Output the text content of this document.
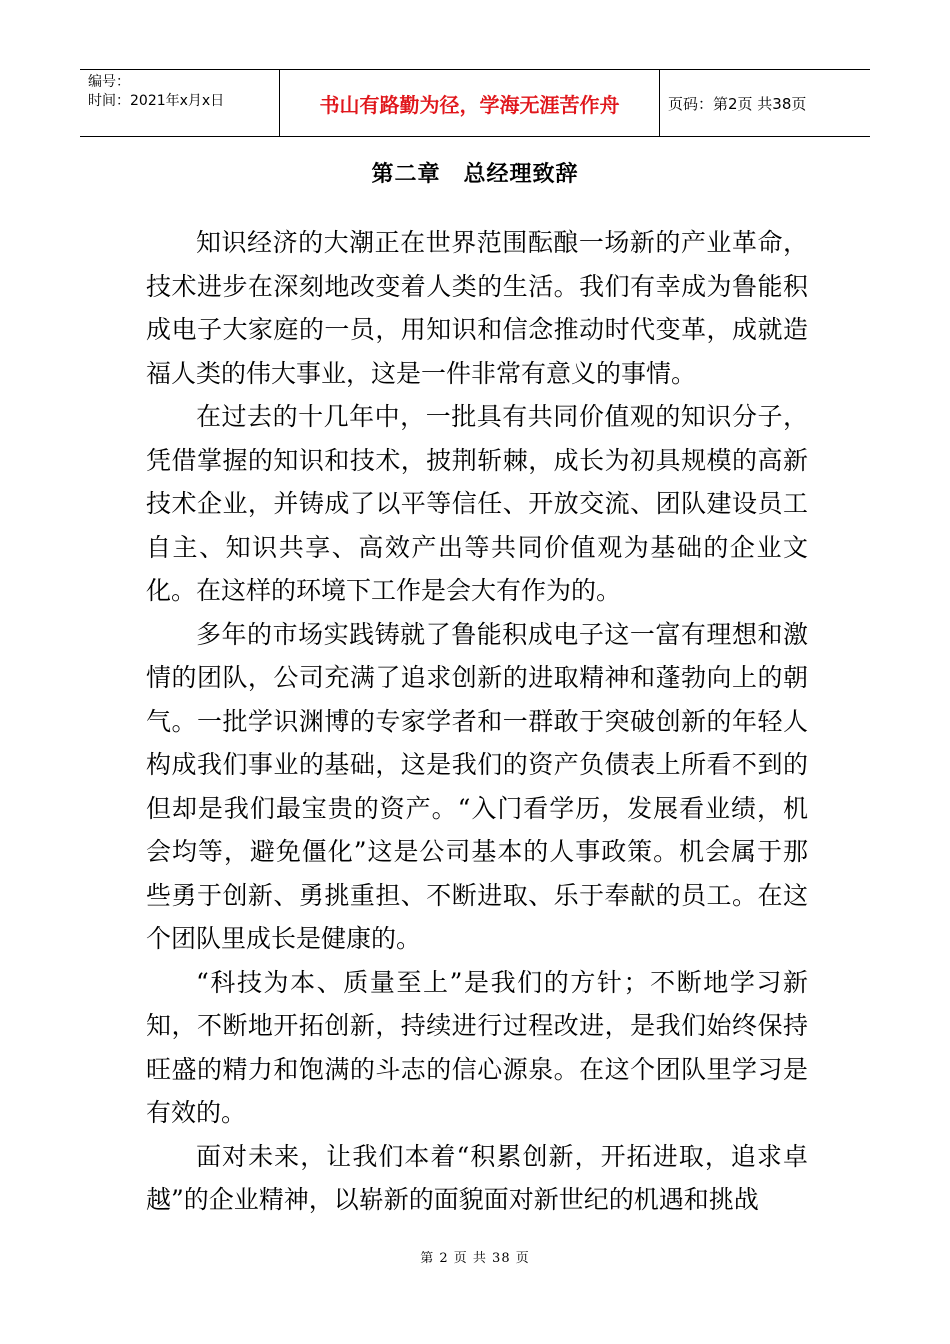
编号：
时间：2021年x月x日	书山有路勤为径，学海无涯苦作舟	页码：第2页 共38页
第二章　总经理致辞

知识经济的大潮正在世界范围酝酿一场新的产业革命，技术进步在深刻地改变着人类的生活。我们有幸成为鲁能积成电子大家庭的一员，用知识和信念推动时代变革，成就造福人类的伟大事业，这是一件非常有意义的事情。

在过去的十几年中，一批具有共同价值观的知识分子，凭借掌握的知识和技术，披荆斩棘，成长为初具规模的高新技术企业，并铸成了以平等信任、开放交流、团队建设员工自主、知识共享、高效产出等共同价值观为基础的企业文化。在这样的环境下工作是会大有作为的。

多年的市场实践铸就了鲁能积成电子这一富有理想和激情的团队，公司充满了追求创新的进取精神和蓬勃向上的朝气。一批学识渊博的专家学者和一群敢于突破创新的年轻人构成我们事业的基础，这是我们的资产负债表上所看不到的但却是我们最宝贵的资产。“入门看学历，发展看业绩，机会均等，避免僵化”这是公司基本的人事政策。机会属于那些勇于创新、勇挑重担、不断进取、乐于奉献的员工。在这个团队里成长是健康的。

“科技为本、质量至上”是我们的方针；不断地学习新知，不断地开拓创新，持续进行过程改进，是我们始终保持旺盛的精力和饱满的斗志的信心源泉。在这个团队里学习是有效的。

面对未来，让我们本着“积累创新，开拓进取，追求卓越”的企业精神，以崭新的面貌面对新世纪的机遇和挑战

第 2 页 共 38 页
